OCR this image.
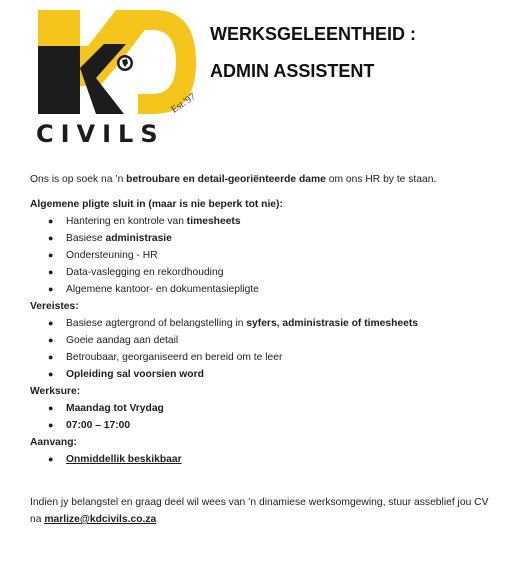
Est.'97
CIVILS
WERKSGELEENTHEID :
ADMIN ASSISTENT

Ons is op soek na ’n betroubare en detail-georiënteerde dame om ons HR by te staan.

Algemene pligte sluit in (maar is nie beperk tot nie):

● Hantering en kontrole van timesheets
● Basiese administrasie
● Ondersteuning - HR
● Data-vaslegging en rekordhouding
● Algemene kantoor- en dokumentasiepligte

Vereistes:

● Basiese agtergrond of belangstelling in syfers, administrasie of timesheets
● Goeie aandag aan detail
● Betroubaar, georganiseerd en bereid om te leer
● Opleiding sal voorsien word

Werksure:

● Maandag tot Vrydag
● 07:00 – 17:00

Aanvang:

● Onmiddellik beskikbaar

Indien jy belangstel en graag deel wil wees van ’n dinamiese werksomgewing, stuur asseblief jou CV na marlize@kdcivils.co.za
